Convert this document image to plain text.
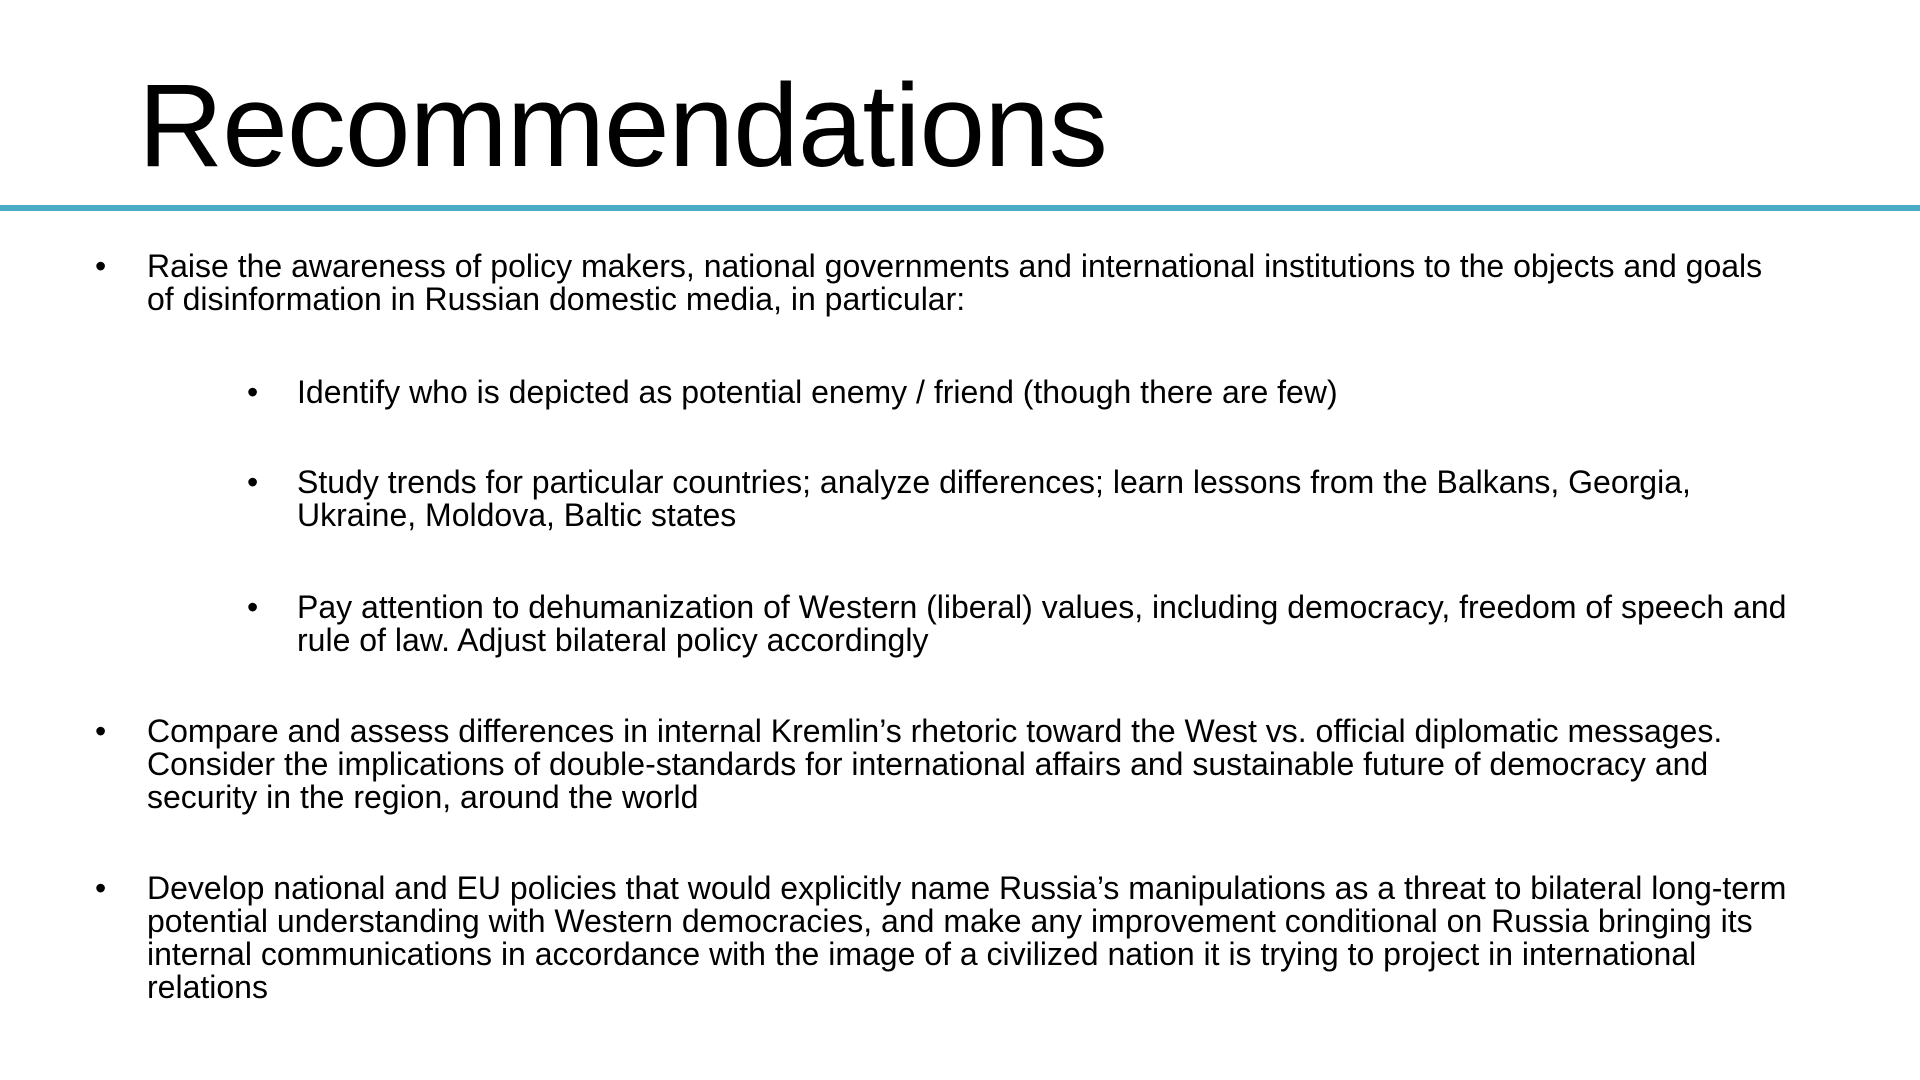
Recommendations
• Raise the awareness of policy makers, national governments and international institutions to the objects and goals of disinformation in Russian domestic media, in particular:
• Identify who is depicted as potential enemy / friend (though there are few)
• Study trends for particular countries; analyze differences; learn lessons from the Balkans, Georgia, Ukraine, Moldova, Baltic states
• Pay attention to dehumanization of Western (liberal) values, including democracy, freedom of speech and rule of law. Adjust bilateral policy accordingly
• Compare and assess differences in internal Kremlin’s rhetoric toward the West vs. official diplomatic messages. Consider the implications of double-standards for international affairs and sustainable future of democracy and security in the region, around the world
• Develop national and EU policies that would explicitly name Russia’s manipulations as a threat to bilateral long-term potential understanding with Western democracies, and make any improvement conditional on Russia bringing its internal communications in accordance with the image of a civilized nation it is trying to project in international relations
